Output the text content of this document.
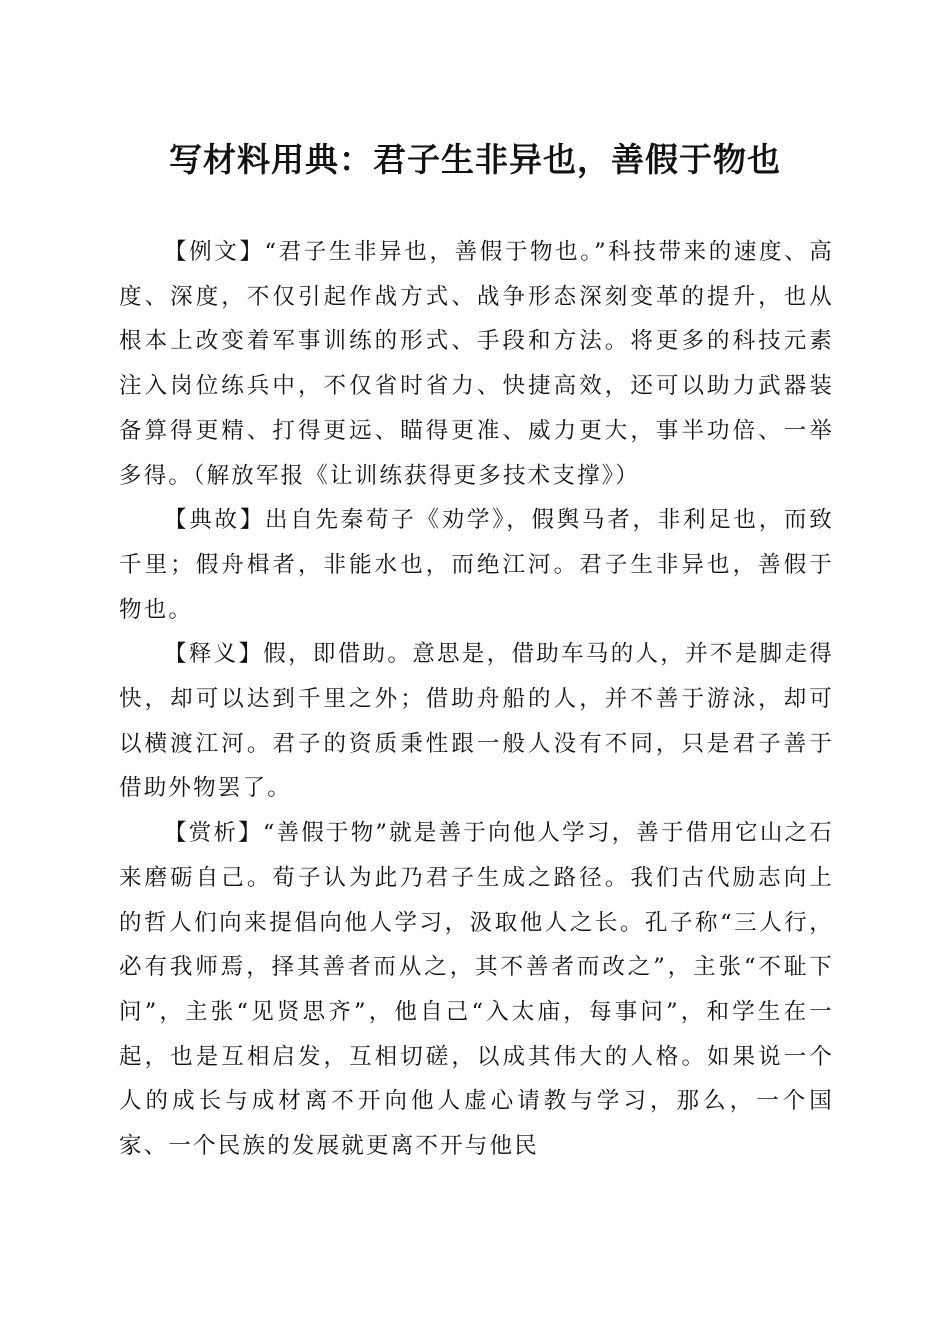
写材料用典：君子生非异也，善假于物也

【例文】“君子生非异也，善假于物也。”科技带来的速度、高度、深度，不仅引起作战方式、战争形态深刻变革的提升，也从根本上改变着军事训练的形式、手段和方法。将更多的科技元素注入岗位练兵中，不仅省时省力、快捷高效，还可以助力武器装备算得更精、打得更远、瞄得更准、威力更大，事半功倍、一举多得。（解放军报《让训练获得更多技术支撑》）

【典故】出自先秦荀子《劝学》，假舆马者，非利足也，而致千里；假舟楫者，非能水也，而绝江河。君子生非异也，善假于物也。

【释义】假，即借助。意思是，借助车马的人，并不是脚走得快，却可以达到千里之外；借助舟船的人，并不善于游泳，却可以横渡江河。君子的资质秉性跟一般人没有不同，只是君子善于借助外物罢了。

【赏析】“善假于物”就是善于向他人学习，善于借用它山之石来磨砺自己。荀子认为此乃君子生成之路径。我们古代励志向上的哲人们向来提倡向他人学习，汲取他人之长。孔子称“三人行，必有我师焉，择其善者而从之，其不善者而改之”，主张“不耻下问”，主张“见贤思齐”，他自己“入太庙，每事问”，和学生在一起，也是互相启发，互相切磋，以成其伟大的人格。如果说一个人的成长与成材离不开向他人虚心请教与学习，那么，一个国家、一个民族的发展就更离不开与他民
